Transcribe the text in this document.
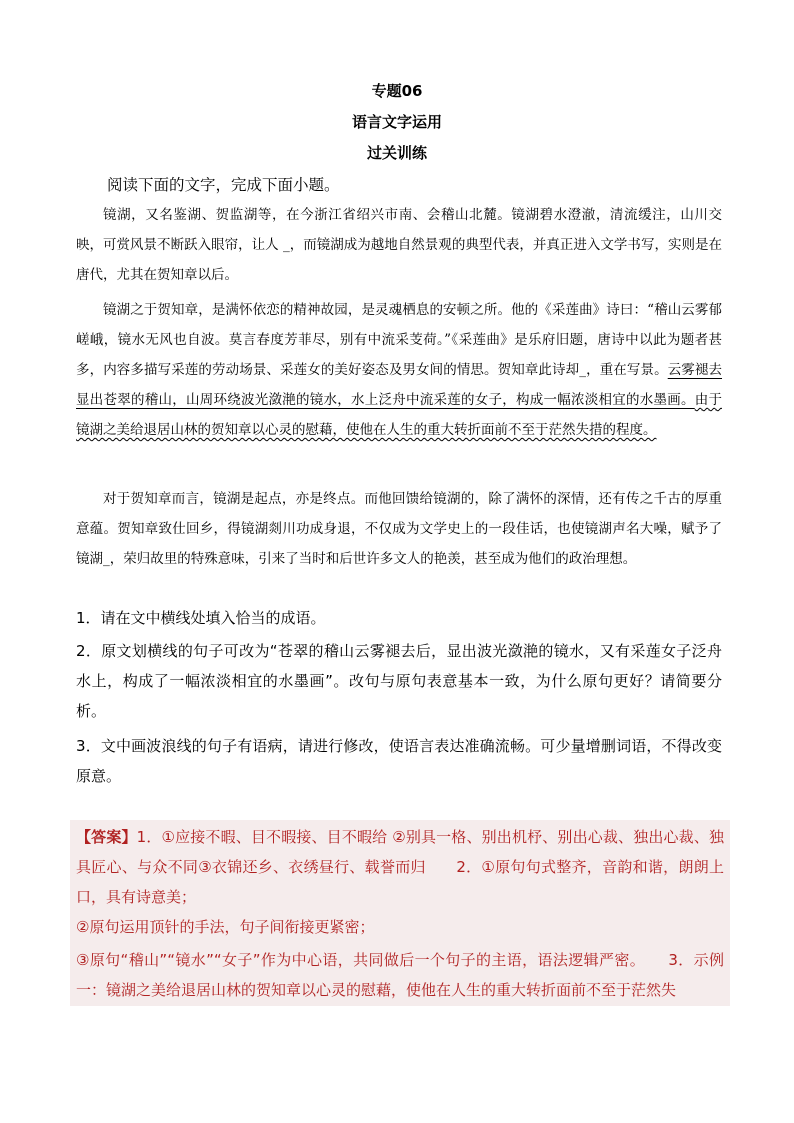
专题06
语言文字运用
过关训练
阅读下面的文字，完成下面小题。
镜湖，又名鉴湖、贺监湖等，在今浙江省绍兴市南、会稽山北麓。镜湖碧水澄澈，清流缓注，山川交映，可赏风景不断跃入眼帘，让人 _，而镜湖成为越地自然景观的典型代表，并真正进入文学书写，实则是在唐代，尤其在贺知章以后。
镜湖之于贺知章，是满怀依恋的精神故园，是灵魂栖息的安顿之所。他的《采莲曲》诗曰：“稽山云雾郁嵯峨，镜水无风也自波。莫言春度芳菲尽，别有中流采芰荷。”《采莲曲》是乐府旧题，唐诗中以此为题者甚多，内容多描写采莲的劳动场景、采莲女的美好姿态及男女间的情思。贺知章此诗却_，重在写景。云雾褪去显出苍翠的稽山，山周环绕波光潋滟的镜水，水上泛舟中流采莲的女子，构成一幅浓淡相宜的水墨画。由于镜湖之美给退居山林的贺知章以心灵的慰藉，使他在人生的重大转折面前不至于茫然失措的程度。
对于贺知章而言，镜湖是起点，亦是终点。而他回馈给镜湖的，除了满怀的深情，还有传之千古的厚重意蕴。贺知章致仕回乡，得镜湖剡川功成身退，不仅成为文学史上的一段佳话，也使镜湖声名大噪，赋予了镜湖_，荣归故里的特殊意味，引来了当时和后世许多文人的艳羡，甚至成为他们的政治理想。
1．请在文中横线处填入恰当的成语。
2．原文划横线的句子可改为“苍翠的稽山云雾褪去后，显出波光潋滟的镜水，又有采莲女子泛舟水上，构成了一幅浓淡相宜的水墨画”。改句与原句表意基本一致，为什么原句更好？请简要分析。
3．文中画波浪线的句子有语病，请进行修改，使语言表达准确流畅。可少量增删词语，不得改变原意。
【答案】1．①应接不暇、目不暇接、目不暇给 ②别具一格、别出机杼、别出心裁、独出心裁、独具匠心、与众不同③衣锦还乡、衣绣昼行、载誉而归　　2．①原句句式整齐，音韵和谐，朗朗上口，具有诗意美；
②原句运用顶针的手法，句子间衔接更紧密；
③原句“稽山”“镜水”“女子”作为中心语，共同做后一个句子的主语，语法逻辑严密。　　3．示例一：镜湖之美给退居山林的贺知章以心灵的慰藉，使他在人生的重大转折面前不至于茫然失
